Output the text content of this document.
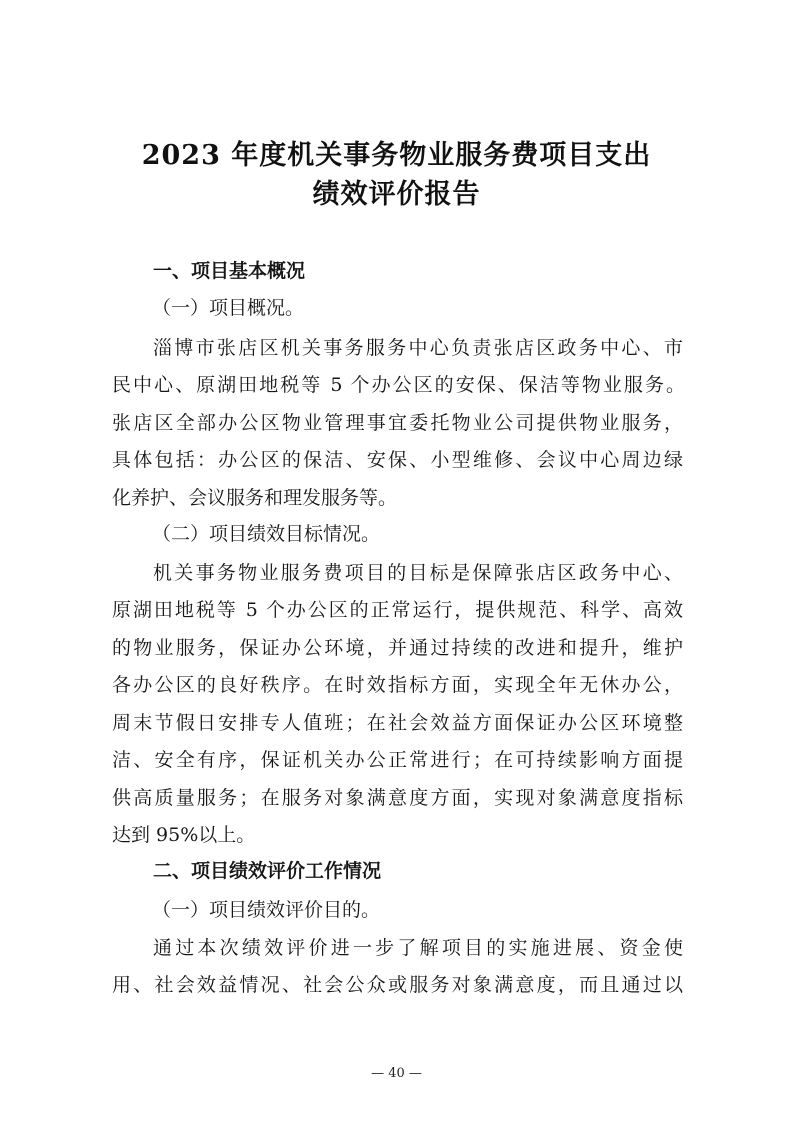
2023 年度机关事务物业服务费项目支出
绩效评价报告
一、项目基本概况
（一）项目概况。
淄博市张店区机关事务服务中心负责张店区政务中心、市
民中心、原湖田地税等 5 个办公区的安保、保洁等物业服务。
张店区全部办公区物业管理事宜委托物业公司提供物业服务，
具体包括：办公区的保洁、安保、小型维修、会议中心周边绿
化养护、会议服务和理发服务等。
（二）项目绩效目标情况。
机关事务物业服务费项目的目标是保障张店区政务中心、
原湖田地税等 5 个办公区的正常运行，提供规范、科学、高效
的物业服务，保证办公环境，并通过持续的改进和提升，维护
各办公区的良好秩序。在时效指标方面，实现全年无休办公，
周末节假日安排专人值班；在社会效益方面保证办公区环境整
洁、安全有序，保证机关办公正常进行；在可持续影响方面提
供高质量服务；在服务对象满意度方面，实现对象满意度指标
达到 95%以上。
二、项目绩效评价工作情况
（一）项目绩效评价目的。
通过本次绩效评价进一步了解项目的实施进展、资金使
用、社会效益情况、社会公众或服务对象满意度，而且通过以
— 40 —
